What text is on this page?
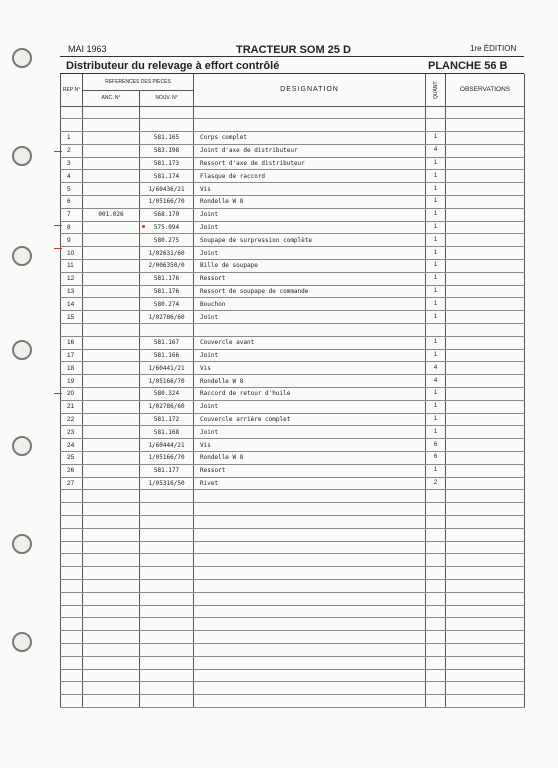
MAI 1963	TRACTEUR SOM 25 D	1re ÉDITION
Distributeur du relevage à effort contrôlé	PLANCHE 56 B
REP N°	REFERENCES DES PIECES		DESIGNATION	QUANT.	OBSERVATIONS
	ANC. N°	NOUV. N°			

1		581.165	Corps complet	1	
2		583.198	Joint d'axe de distributeur	4	
3		581.173	Ressort d'axe de distributeur	1	
4		581.174	Flasque de raccord	1	
5		1/60436/21	Vis	1	
6		1/05166/70	Rondelle W 8	1	
7	001.026	568.170	Joint	1	
8		575.094	Joint	1	
9		580.275	Soupape de surpression complète	1	
10		1/02631/60	Joint	1	
11		2/006350/0	Bille de soupape	1	
12		581.176	Ressort	1	
13		581.176	Ressort de soupape de commande	1	
14		580.274	Bouchon	1	
15		1/02786/60	Joint	1	

16		581.167	Couvercle avant	1	
17		581.166	Joint	1	
18		1/60441/21	Vis	4	
19		1/05166/70	Rondelle W 8	4	
20		580.324	Raccord de retour d'huile	1	
21		1/02786/60	Joint	1	
22		581.172	Couvercle arrière complet	1	
23		581.168	Joint	1	
24		1/60444/21	Vis	6	
25		1/05166/70	Rondelle W 8	6	
26		581.177	Ressort	1	
27		1/05316/50	Rivet	2	
